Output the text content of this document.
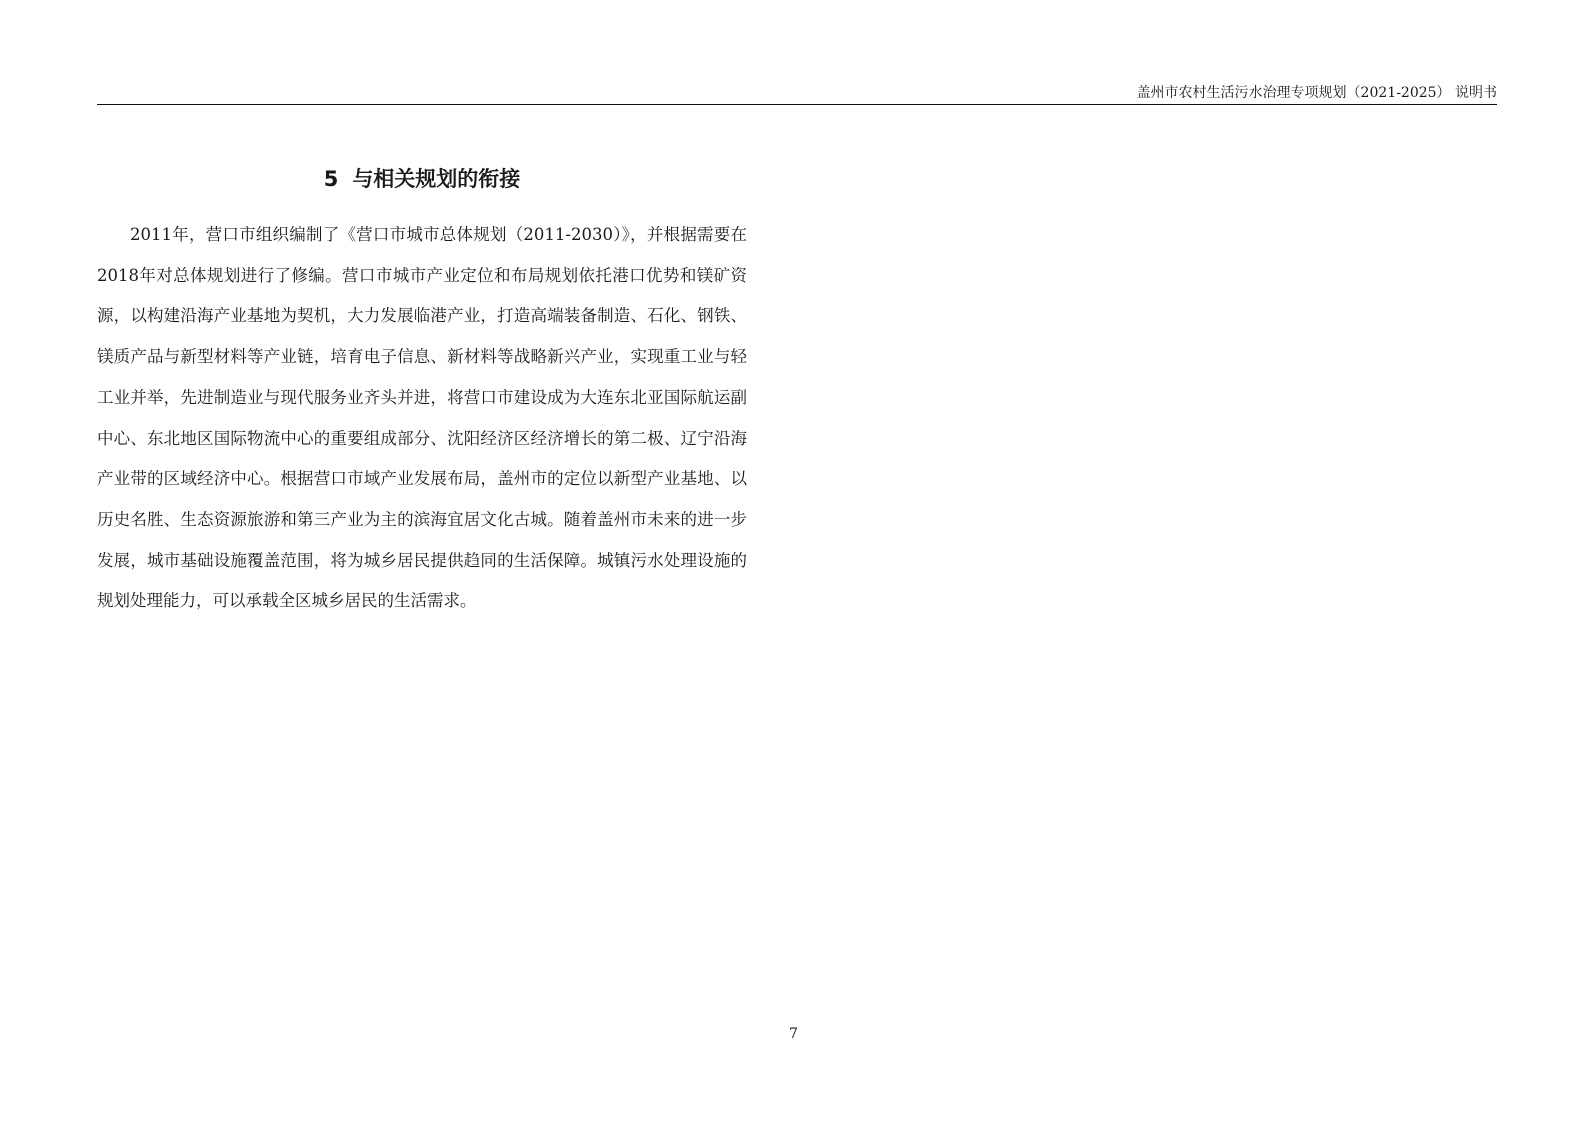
盖州市农村生活污水治理专项规划（2021-2025） 说明书
5 与相关规划的衔接

2011年，营口市组织编制了《营口市城市总体规划（2011-2030）》，并根据需要在2018年对总体规划进行了修编。营口市城市产业定位和布局规划依托港口优势和镁矿资源，以构建沿海产业基地为契机，大力发展临港产业，打造高端装备制造、石化、钢铁、镁质产品与新型材料等产业链，培育电子信息、新材料等战略新兴产业，实现重工业与轻工业并举，先进制造业与现代服务业齐头并进，将营口市建设成为大连东北亚国际航运副中心、东北地区国际物流中心的重要组成部分、沈阳经济区经济增长的第二极、辽宁沿海产业带的区域经济中心。根据营口市域产业发展布局，盖州市的定位以新型产业基地、以历史名胜、生态资源旅游和第三产业为主的滨海宜居文化古城。随着盖州市未来的进一步发展，城市基础设施覆盖范围，将为城乡居民提供趋同的生活保障。城镇污水处理设施的规划处理能力，可以承载全区城乡居民的生活需求。

7
